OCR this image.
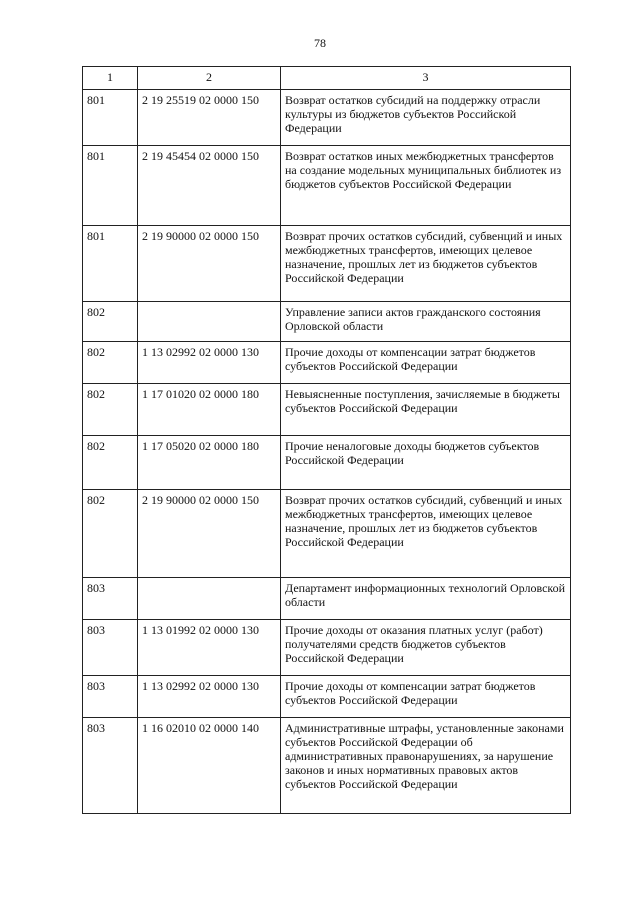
78
1	2	3
801	2 19 25519 02 0000 150	Возврат остатков субсидий на поддержку отрасли культуры из бюджетов субъектов Российской Федерации
801	2 19 45454 02 0000 150	Возврат остатков иных межбюджетных трансфертов на создание модельных муниципальных библиотек из бюджетов субъектов Российской Федерации
801	2 19 90000 02 0000 150	Возврат прочих остатков субсидий, субвенций и иных межбюджетных трансфертов, имеющих целевое назначение, прошлых лет из бюджетов субъектов Российской Федерации
802		Управление записи актов гражданского состояния Орловской области
802	1 13 02992 02 0000 130	Прочие доходы от компенсации затрат бюджетов субъектов Российской Федерации
802	1 17 01020 02 0000 180	Невыясненные поступления, зачисляемые в бюджеты субъектов Российской Федерации
802	1 17 05020 02 0000 180	Прочие неналоговые доходы бюджетов субъектов Российской Федерации
802	2 19 90000 02 0000 150	Возврат прочих остатков субсидий, субвенций и иных межбюджетных трансфертов, имеющих целевое назначение, прошлых лет из бюджетов субъектов Российской Федерации
803		Департамент информационных технологий Орловской области
803	1 13 01992 02 0000 130	Прочие доходы от оказания платных услуг (работ) получателями средств бюджетов субъектов Российской Федерации
803	1 13 02992 02 0000 130	Прочие доходы от компенсации затрат бюджетов субъектов Российской Федерации
803	1 16 02010 02 0000 140	Административные штрафы, установленные законами субъектов Российской Федерации об административных правонарушениях, за нарушение законов и иных нормативных правовых актов субъектов Российской Федерации
